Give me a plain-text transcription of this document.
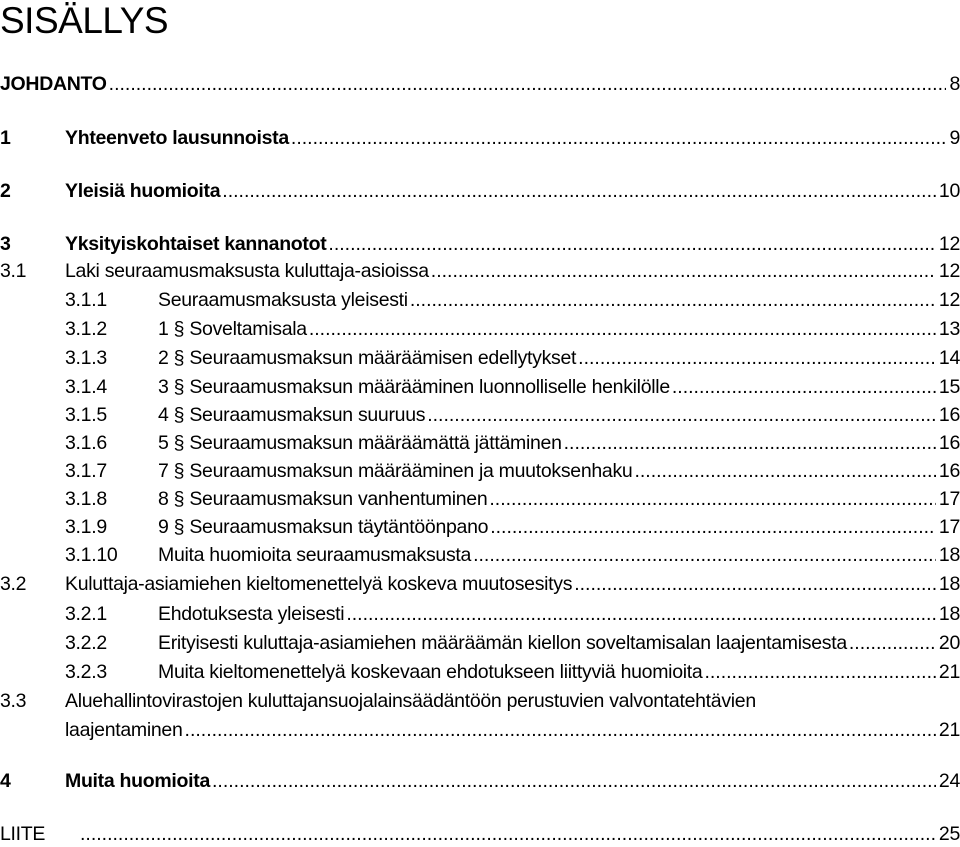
SISÄLLYS
JOHDANTO .....	8
1	Yhteenveto lausunnoista .....	9
2	Yleisiä huomioita .....	10
3	Yksityiskohtaiset kannanotot .....	12
3.1	Laki seuraamusmaksusta kuluttaja-asioissa .....	12
3.1.1	Seuraamusmaksusta yleisesti .....	12
3.1.2	1 § Soveltamisala .....	13
3.1.3	2 § Seuraamusmaksun määräämisen edellytykset .....	14
3.1.4	3 § Seuraamusmaksun määrääminen luonnolliselle henkilölle .....	15
3.1.5	4 § Seuraamusmaksun suuruus .....	16
3.1.6	5 § Seuraamusmaksun määräämättä jättäminen .....	16
3.1.7	7 § Seuraamusmaksun määrääminen ja muutoksenhaku .....	16
3.1.8	8 § Seuraamusmaksun vanhentuminen .....	17
3.1.9	9 § Seuraamusmaksun täytäntöönpano .....	17
3.1.10	Muita huomioita seuraamusmaksusta .....	18
3.2	Kuluttaja-asiamiehen kieltomenettelyä koskeva muutosesitys .....	18
3.2.1	Ehdotuksesta yleisesti .....	18
3.2.2	Erityisesti kuluttaja-asiamiehen määräämän kiellon soveltamisalan laajentamisesta .....	20
3.2.3	Muita kieltomenettelyä koskevaan ehdotukseen liittyviä huomioita .....	21
3.3 Aluehallintovirastojen kuluttajansuojalainsäädäntöön perustuvien valvontatehtävien
laajentaminen .....	21
4	Muita huomioita .....	24
LIITE .....	25
